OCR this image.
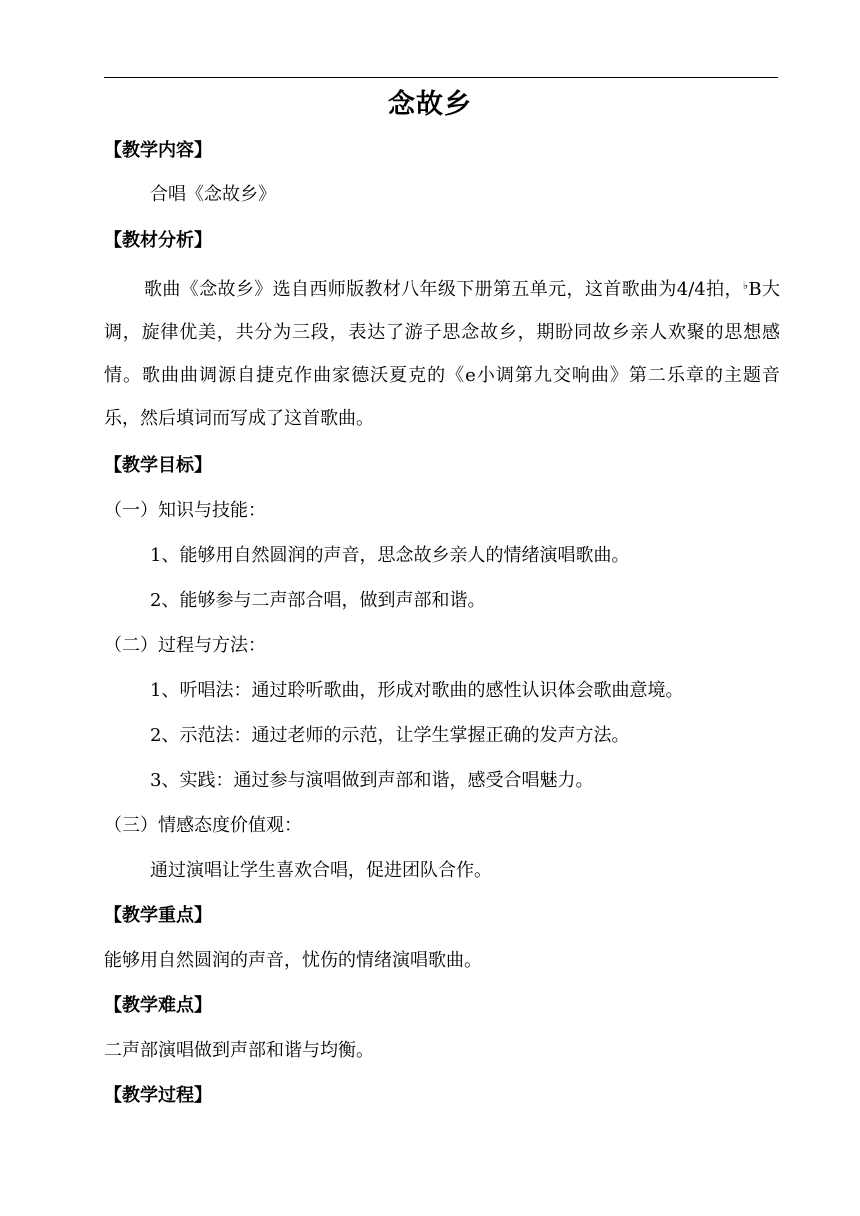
念故乡
【教学内容】
合唱《念故乡》
【教材分析】
歌曲《念故乡》选自西师版教材八年级下册第五单元，这首歌曲为4/4拍，♭B大调，旋律优美，共分为三段，表达了游子思念故乡，期盼同故乡亲人欢聚的思想感情。歌曲曲调源自捷克作曲家德沃夏克的《e小调第九交响曲》第二乐章的主题音乐，然后填词而写成了这首歌曲。
【教学目标】
（一）知识与技能：
1、能够用自然圆润的声音，思念故乡亲人的情绪演唱歌曲。
2、能够参与二声部合唱，做到声部和谐。
（二）过程与方法：
1、听唱法：通过聆听歌曲，形成对歌曲的感性认识体会歌曲意境。
2、示范法：通过老师的示范，让学生掌握正确的发声方法。
3、实践：通过参与演唱做到声部和谐，感受合唱魅力。
（三）情感态度价值观：
通过演唱让学生喜欢合唱，促进团队合作。
【教学重点】
能够用自然圆润的声音，忧伤的情绪演唱歌曲。
【教学难点】
二声部演唱做到声部和谐与均衡。
【教学过程】
